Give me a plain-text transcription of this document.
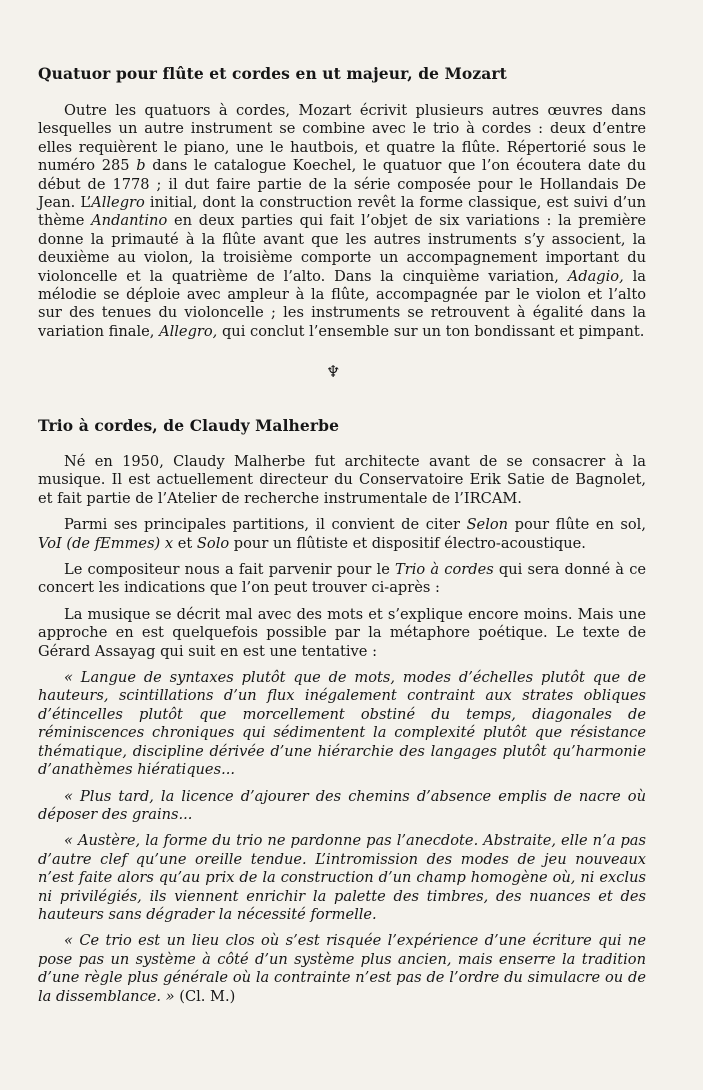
Quatuor pour flûte et cordes en ut majeur, de Mozart

Outre les quatuors à cordes, Mozart écrivit plusieurs autres œuvres dans lesquelles un autre instrument se combine avec le trio à cordes : deux d’entre elles requièrent le piano, une le hautbois, et quatre la flûte. Répertorié sous le numéro 285 b dans le catalogue Koechel, le quatuor que l’on écoutera date du début de 1778 ; il dut faire partie de la série composée pour le Hollandais De Jean. L’Allegro initial, dont la construction revêt la forme classique, est suivi d’un thème Andantino en deux parties qui fait l’objet de six variations : la première donne la primauté à la flûte avant que les autres instruments s’y associent, la deuxième au violon, la troisième comporte un accompagnement important du violoncelle et la quatrième de l’alto. Dans la cinquième variation, Adagio, la mélodie se déploie avec ampleur à la flûte, accompagnée par le violon et l’alto sur des tenues du violoncelle ; les instruments se retrouvent à égalité dans la variation finale, Allegro, qui conclut l’ensemble sur un ton bondissant et pimpant.

♆
Trio à cordes, de Claudy Malherbe

Né en 1950, Claudy Malherbe fut architecte avant de se consacrer à la musique. Il est actuellement directeur du Conservatoire Erik Satie de Bagnolet, et fait partie de l’Atelier de recherche instrumentale de l’IRCAM.

Parmi ses principales partitions, il convient de citer Selon pour flûte en sol, VoI (de fEmmes) x et Solo pour un flûtiste et dispositif électro-acoustique.

Le compositeur nous a fait parvenir pour le Trio à cordes qui sera donné à ce concert les indications que l’on peut trouver ci-après :

La musique se décrit mal avec des mots et s’explique encore moins. Mais une approche en est quelquefois possible par la métaphore poétique. Le texte de Gérard Assayag qui suit en est une tentative :

« Langue de syntaxes plutôt que de mots, modes d’échelles plutôt que de hauteurs, scintillations d’un flux inégalement contraint aux strates obliques d’étincelles plutôt que morcellement obstiné du temps, diagonales de réminiscences chroniques qui sédimentent la complexité plutôt que résistance thématique, discipline dérivée d’une hiérarchie des langages plutôt qu’harmonie d’anathèmes hiératiques...

« Plus tard, la licence d’ajourer des chemins d’absence emplis de nacre où déposer des grains...

« Austère, la forme du trio ne pardonne pas l’anecdote. Abstraite, elle n’a pas d’autre clef qu’une oreille tendue. L’intromission des modes de jeu nouveaux n’est faite alors qu’au prix de la construction d’un champ homogène où, ni exclus ni privilégiés, ils viennent enrichir la palette des timbres, des nuances et des hauteurs sans dégrader la nécessité formelle.

« Ce trio est un lieu clos où s’est risquée l’expérience d’une écriture qui ne pose pas un système à côté d’un système plus ancien, mais enserre la tradition d’une règle plus générale où la contrainte n’est pas de l’ordre du simulacre ou de la dissemblance. » (Cl. M.)
